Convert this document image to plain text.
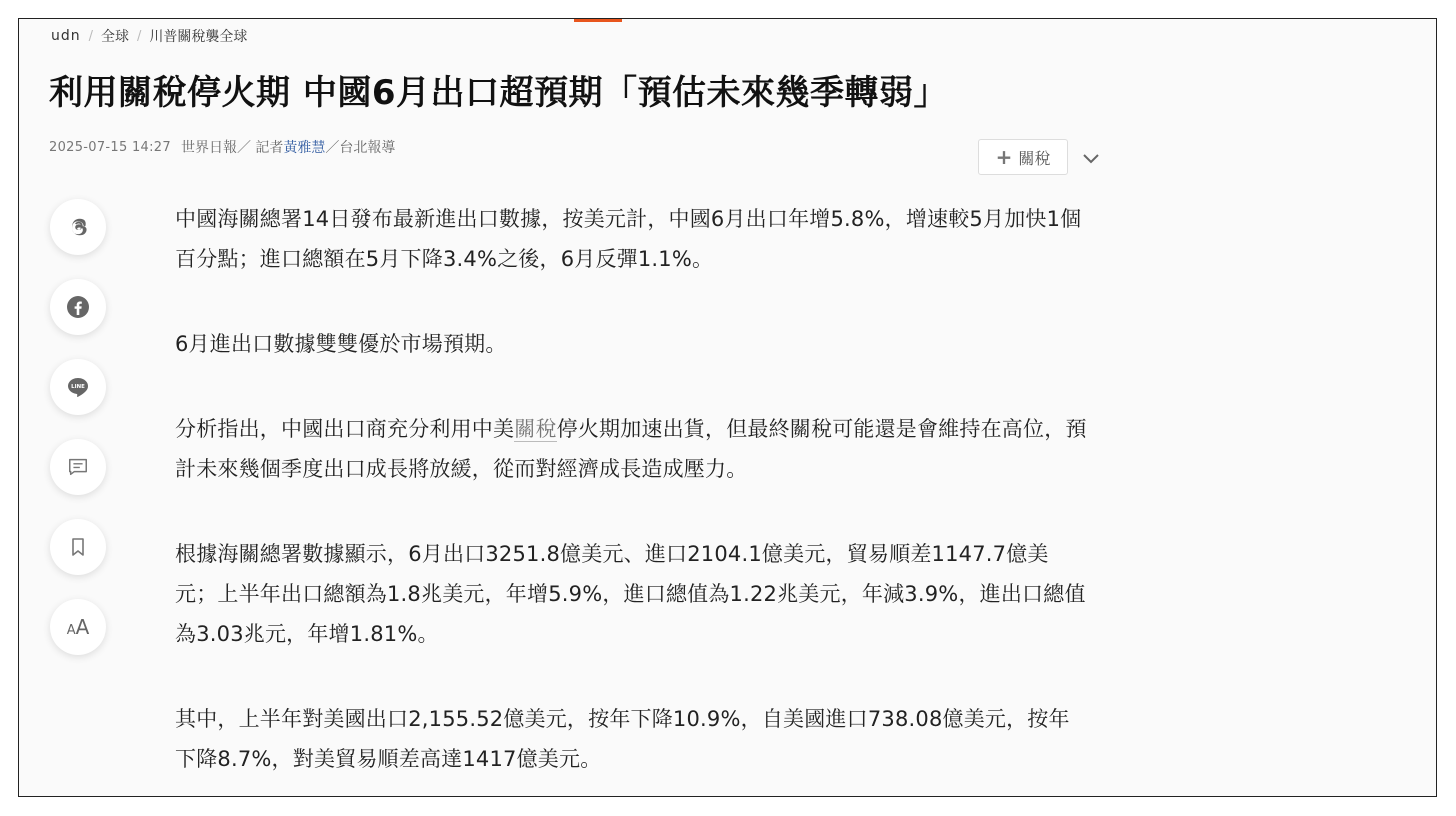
udn / 全球 / 川普關稅襲全球
利用關稅停火期 中國6月出口超預期「預估未來幾季轉弱」
2025-07-15 14:27 世界日報／ 記者 黃雅慧 ／台北報導	+ 關稅
LINE
AA

中國海關總署14日發布最新進出口數據，按美元計，中國6月出口年增5.8%，增速較5月加快1個百分點；進口總額在5月下降3.4%之後，6月反彈1.1%。

6月進出口數據雙雙優於市場預期。

分析指出，中國出口商充分利用中美關稅停火期加速出貨，但最終關稅可能還是會維持在高位，預計未來幾個季度出口成長將放緩，從而對經濟成長造成壓力。

根據海關總署數據顯示，6月出口3251.8億美元、進口2104.1億美元，貿易順差1147.7億美元；上半年出口總額為1.8兆美元，年增5.9%，進口總值為1.22兆美元，年減3.9%，進出口總值為3.03兆元，年增1.81%。

其中，上半年對美國出口2,155.52億美元，按年下降10.9%，自美國進口738.08億美元，按年下降8.7%，對美貿易順差高達1417億美元。
